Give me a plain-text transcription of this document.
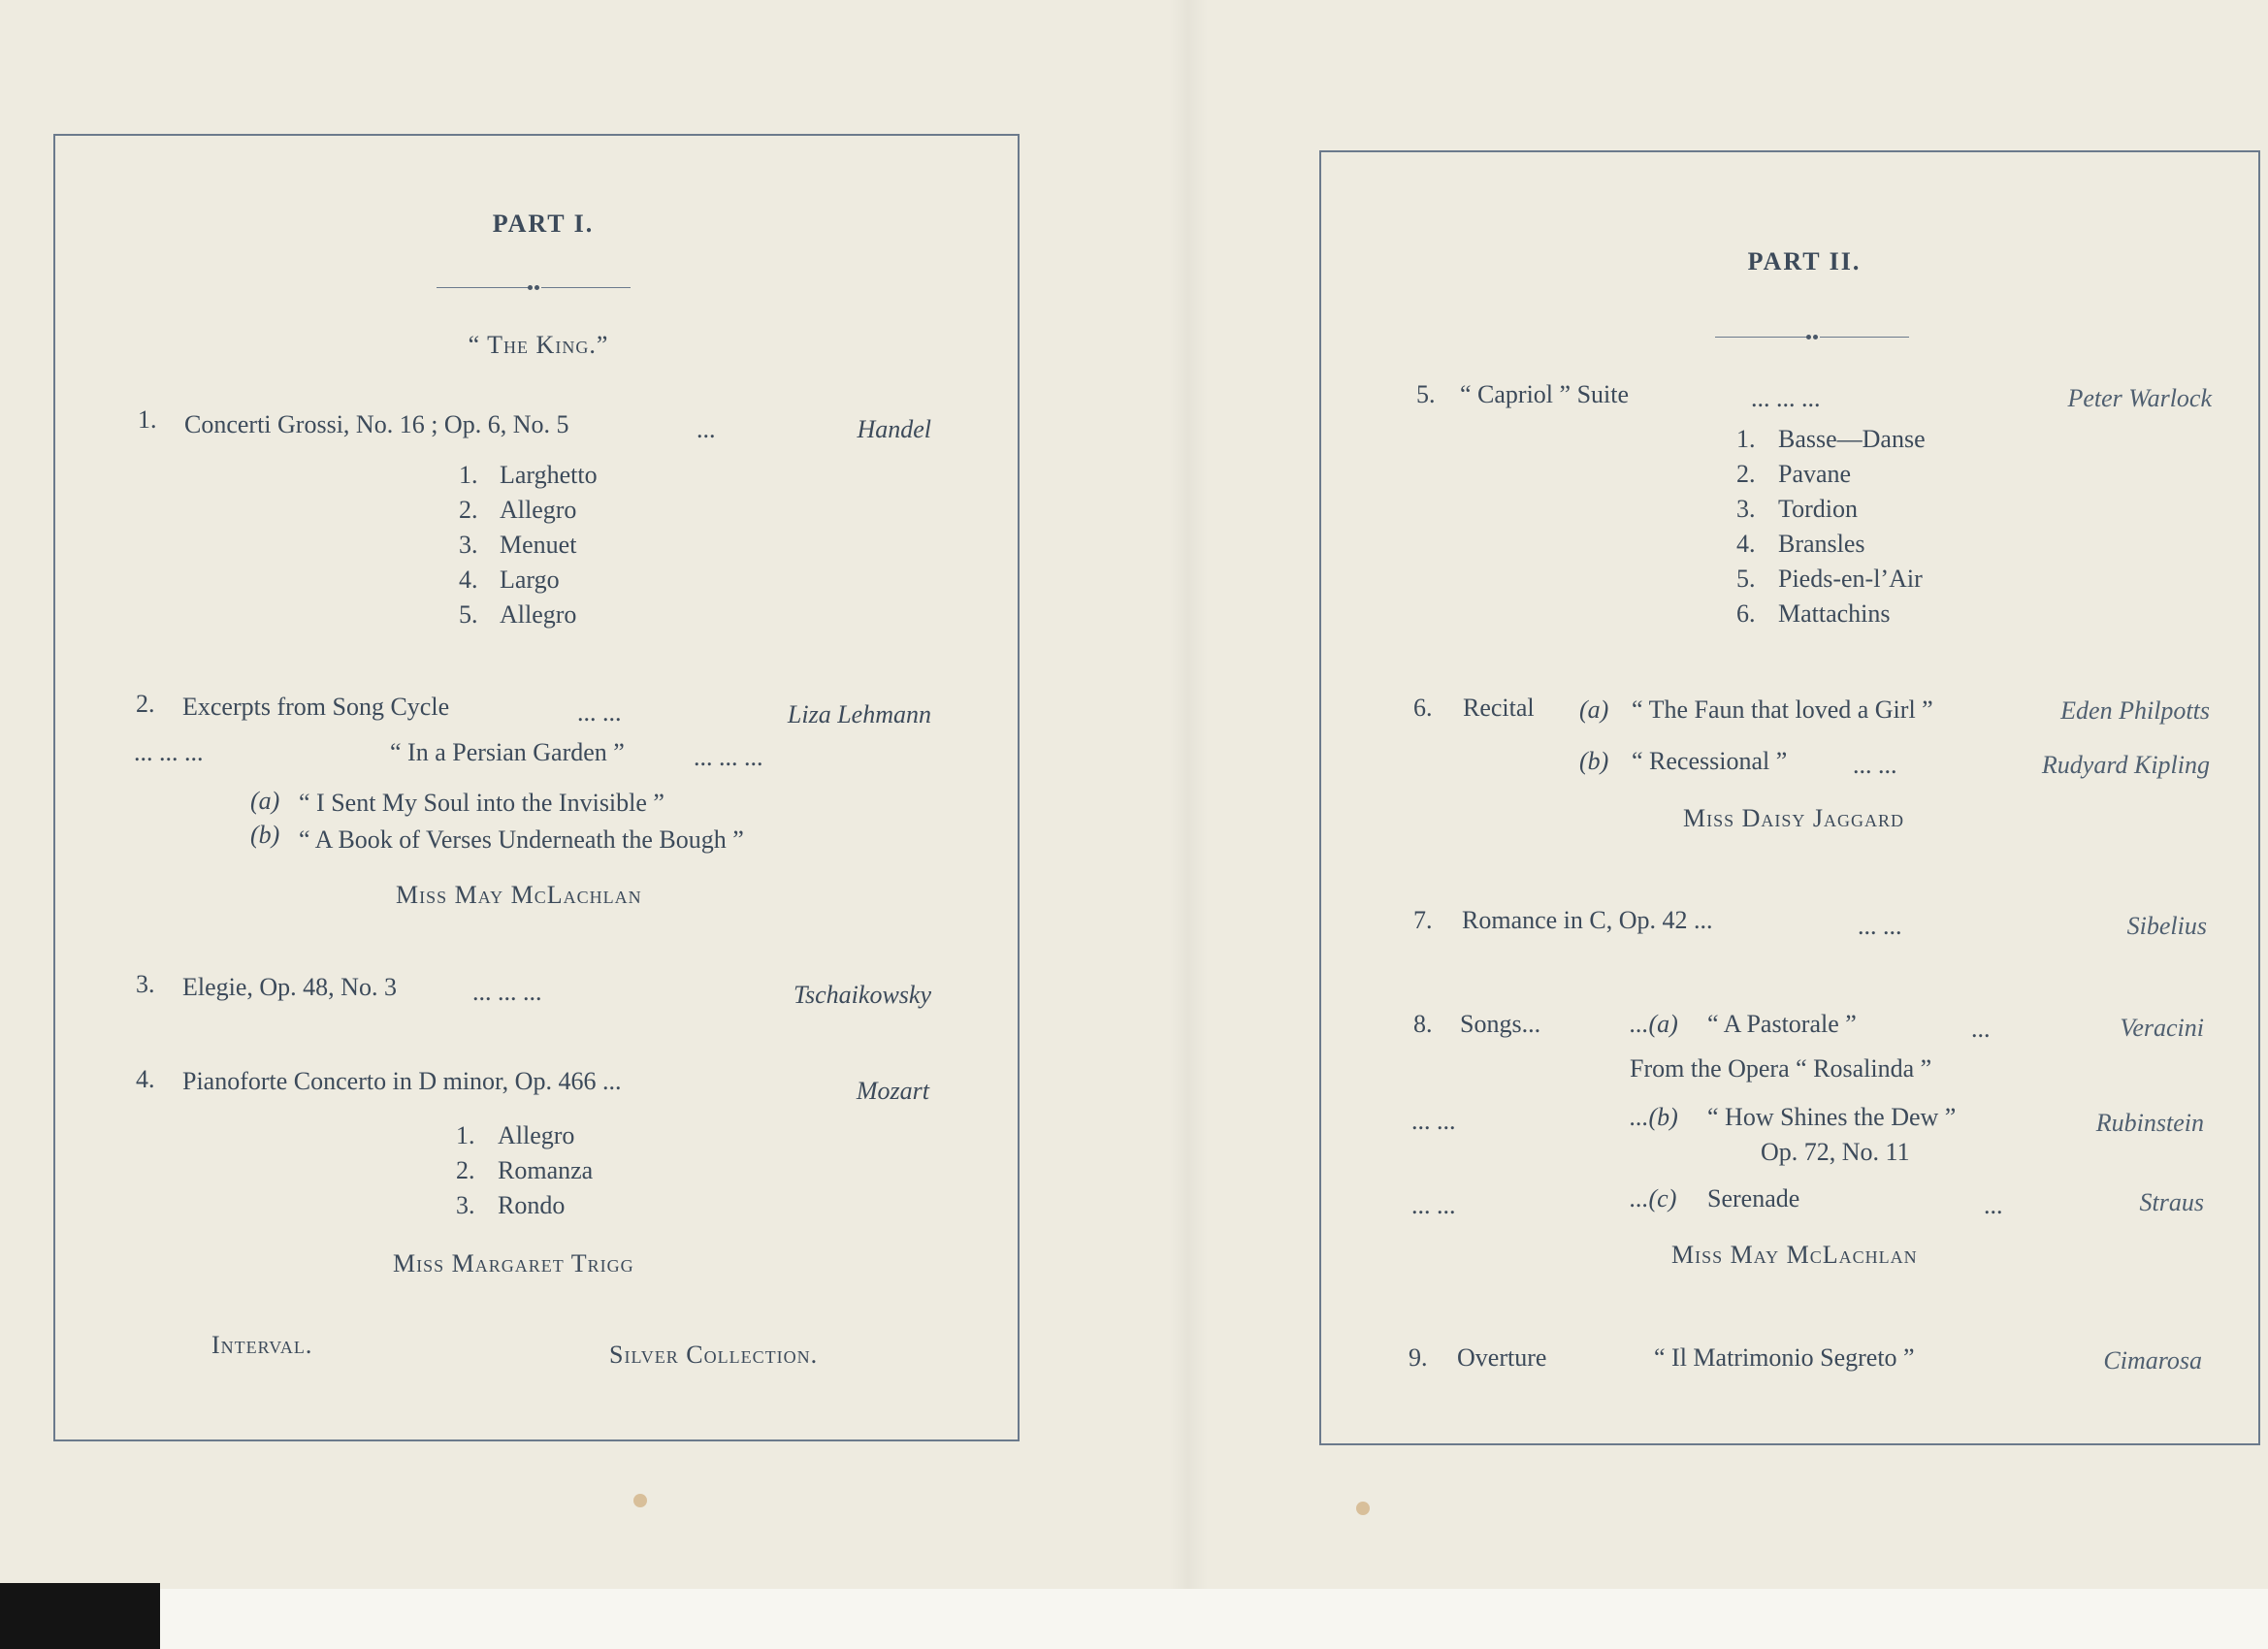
PART I.
“ The King.”
1. Concerti Grossi, No. 16 ; Op. 6, No. 5	...	Handel
1. Larghetto
2. Allegro
3. Menuet
4. Largo
5. Allegro
2. Excerpts from Song Cycle	... ...	Liza Lehmann
... ... ...	“ In a Persian Garden ”	... ... ...
(a) “ I Sent My Soul into the Invisible ”
(b) “ A Book of Verses Underneath the Bough ”
Miss May McLachlan
3. Elegie, Op. 48, No. 3	... ... ...	Tschaikowsky
4. Pianoforte Concerto in D minor, Op. 466 ...	Mozart
1. Allegro
2. Romanza
3. Rondo
Miss Margaret Trigg
Interval.	Silver Collection.
PART II.
5. “ Capriol ” Suite	... ... ...	Peter Warlock
1. Basse—Danse
2. Pavane
3. Tordion
4. Bransles
5. Pieds-en-l’Air
6. Mattachins
6. Recital (a) “ The Faun that loved a Girl ”	Eden Philpotts
(b) “ Recessional ”	... ...	Rudyard Kipling
Miss Daisy Jaggard
7. Romance in C, Op. 42 ...	... ...	Sibelius
8. Songs...	...(a) “ A Pastorale ”	...	Veracini
From the Opera “ Rosalinda ”
... ...	...(b) “ How Shines the Dew ”	Rubinstein
Op. 72, No. 11
... ...	...(c) Serenade	...	Straus
Miss May McLachlan
9. Overture	“ Il Matrimonio Segreto ”	Cimarosa
